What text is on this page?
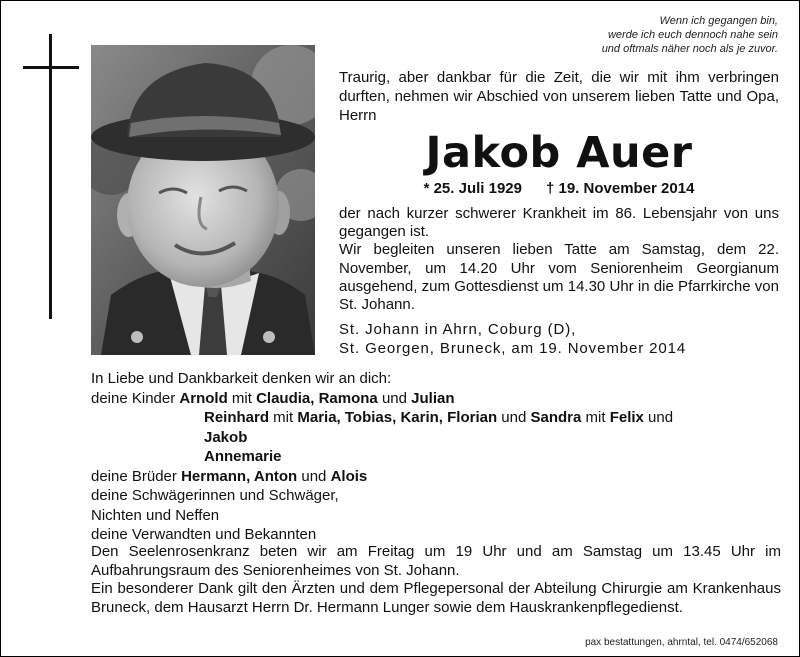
Wenn ich gegangen bin,
werde ich euch dennoch nahe sein
und oftmals näher noch als je zuvor.
Traurig, aber dankbar für die Zeit, die wir mit ihm verbringen durften, nehmen wir Abschied von unserem lieben Tatte und Opa, Herrn
Jakob Auer
* 25. Juli 1929 † 19. November 2014

der nach kurzer schwerer Krankheit im 86. Lebensjahr von uns gegangen ist.

Wir begleiten unseren lieben Tatte am Samstag, dem 22. November, um 14.20 Uhr vom Seniorenheim Georgianum ausgehend, zum Gottesdienst um 14.30 Uhr in die Pfarrkirche von St. Johann.

St. Johann in Ahrn, Coburg (D),

St. Georgen, Bruneck, am 19. November 2014

In Liebe und Dankbarkeit denken wir an dich:
deine Kinder Arnold mit Claudia, Ramona und Julian
Reinhard mit Maria, Tobias, Karin, Florian und Sandra mit Felix und
Jakob
Annemarie
deine Brüder Hermann, Anton und Alois
deine Schwägerinnen und Schwäger,
Nichten und Neffen
deine Verwandten und Bekannten

Den Seelenrosenkranz beten wir am Freitag um 19 Uhr und am Samstag um 13.45 Uhr im Aufbahrungsraum des Seniorenheimes von St. Johann.

Ein besonderer Dank gilt den Ärzten und dem Pflegepersonal der Abteilung Chirurgie am Krankenhaus Bruneck, dem Hausarzt Herrn Dr. Hermann Lunger sowie dem Hauskrankenpflegedienst.

pax bestattungen, ahrntal, tel. 0474/652068
